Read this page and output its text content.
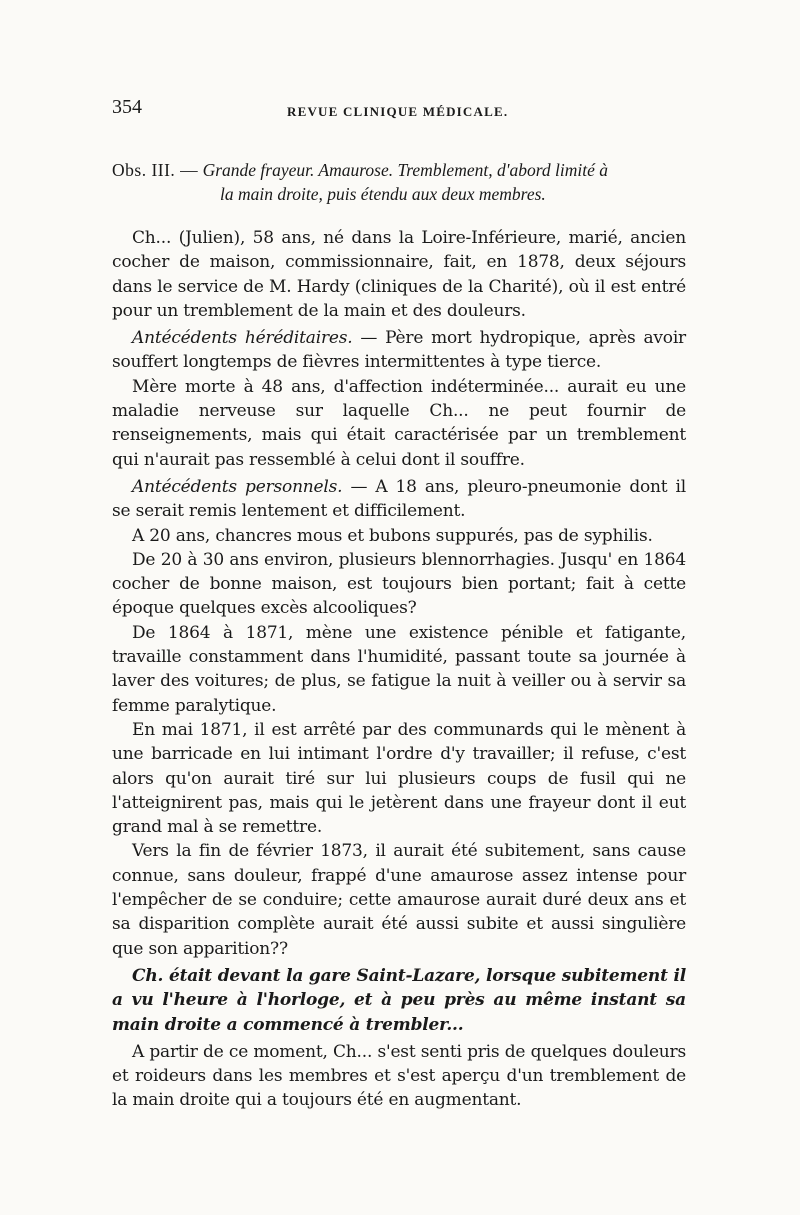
354	REVUE CLINIQUE MÉDICALE.
Obs. III. — Grande frayeur. Amaurose. Tremblement, d'abord limité à
la main droite, puis étendu aux deux membres.

Ch... (Julien), 58 ans, né dans la Loire-Inférieure, marié, ancien cocher de maison, commissionnaire, fait, en 1878, deux séjours dans le service de M. Hardy (cliniques de la Charité), où il est entré pour un tremblement de la main et des douleurs.

Antécédents héréditaires. — Père mort hydropique, après avoir souffert longtemps de fièvres intermittentes à type tierce.

Mère morte à 48 ans, d'affection indéterminée... aurait eu une maladie nerveuse sur laquelle Ch... ne peut fournir de renseignements, mais qui était caractérisée par un tremblement qui n'aurait pas ressemblé à celui dont il souffre.

Antécédents personnels. — A 18 ans, pleuro-pneumonie dont il se serait remis lentement et difficilement.

A 20 ans, chancres mous et bubons suppurés, pas de syphilis.

De 20 à 30 ans environ, plusieurs blennorrhagies. Jusqu' en 1864 cocher de bonne maison, est toujours bien portant; fait à cette époque quelques excès alcooliques?

De 1864 à 1871, mène une existence pénible et fatigante, travaille constamment dans l'humidité, passant toute sa journée à laver des voitures; de plus, se fatigue la nuit à veiller ou à servir sa femme paralytique.

En mai 1871, il est arrêté par des communards qui le mènent à une barricade en lui intimant l'ordre d'y travailler; il refuse, c'est alors qu'on aurait tiré sur lui plusieurs coups de fusil qui ne l'atteignirent pas, mais qui le jetèrent dans une frayeur dont il eut grand mal à se remettre.

Vers la fin de février 1873, il aurait été subitement, sans cause connue, sans douleur, frappé d'une amaurose assez intense pour l'empêcher de se conduire; cette amaurose aurait duré deux ans et sa disparition complète aurait été aussi subite et aussi singulière que son apparition??

Ch. était devant la gare Saint-Lazare, lorsque subitement il a vu l'heure à l'horloge, et à peu près au même instant sa main droite a commencé à trembler...

A partir de ce moment, Ch... s'est senti pris de quelques douleurs et roideurs dans les membres et s'est aperçu d'un tremblement de la main droite qui a toujours été en augmentant.
